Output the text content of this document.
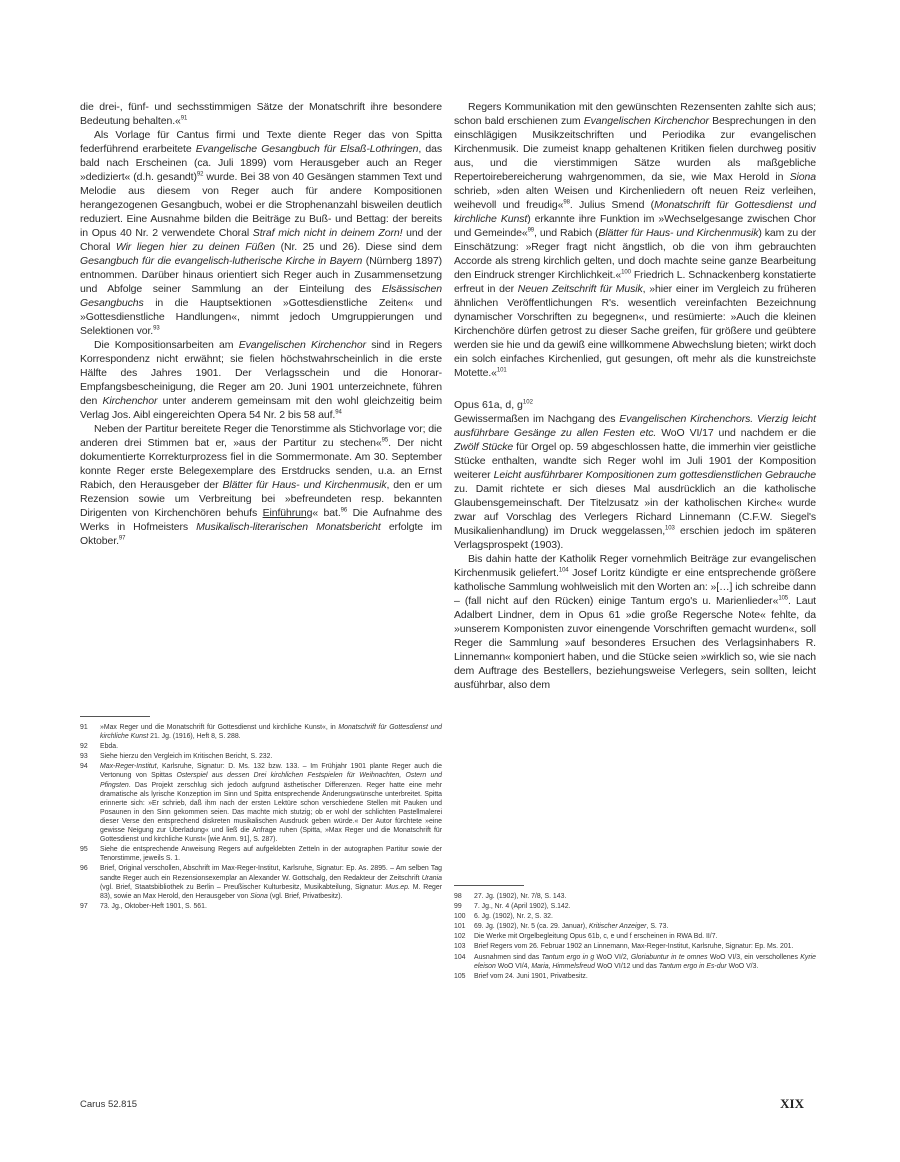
die drei-, fünf- und sechsstimmigen Sätze der Monatschrift ihre besondere Bedeutung behalten.«$^{91}$

Als Vorlage für Cantus firmi und Texte diente Reger das von Spitta federführend erarbeitete Evangelische Gesangbuch für Elsaß-Lothringen, das bald nach Erscheinen (ca. Juli 1899) vom Herausgeber auch an Reger »dediziert« (d.h. gesandt)$^{92}$ wurde. Bei 38 von 40 Gesängen stammen Text und Melodie aus diesem von Reger auch für andere Kompositionen herangezogenen Gesangbuch, wobei er die Strophenanzahl bisweilen deutlich reduziert. Eine Ausnahme bilden die Beiträge zu Buß- und Bettag: der bereits in Opus 40 Nr. 2 verwendete Choral Straf mich nicht in deinem Zorn! und der Choral Wir liegen hier zu deinen Füßen (Nr. 25 und 26). Diese sind dem Gesangbuch für die evangelisch-lutherische Kirche in Bayern (Nürnberg 1897) entnommen. Darüber hinaus orientiert sich Reger auch in Zusammensetzung und Abfolge seiner Sammlung an der Einteilung des Elsässischen Gesangbuchs in die Hauptsektionen »Gottesdienstliche Zeiten« und »Gottesdienstliche Handlungen«, nimmt jedoch Umgruppierungen und Selektionen vor.$^{93}$

Die Kompositionsarbeiten am Evangelischen Kirchenchor sind in Regers Korrespondenz nicht erwähnt; sie fielen höchstwahrscheinlich in die erste Hälfte des Jahres 1901. Der Verlagsschein und die Honorar-Empfangsbescheinigung, die Reger am 20. Juni 1901 unterzeichnete, führen den Kirchenchor unter anderem gemeinsam mit den wohl gleichzeitig beim Verlag Jos. Aibl eingereichten Opera 54 Nr. 2 bis 58 auf.$^{94}$

Neben der Partitur bereitete Reger die Tenorstimme als Stichvorlage vor; die anderen drei Stimmen bat er, »aus der Partitur zu stechen«$^{95}$. Der nicht dokumentierte Korrekturprozess fiel in die Sommermonate. Am 30. September konnte Reger erste Belegexemplare des Erstdrucks senden, u.a. an Ernst Rabich, den Herausgeber der Blätter für Haus- und Kirchenmusik, den er um Rezension sowie um Verbreitung bei »befreundeten resp. bekannten Dirigenten von Kirchenchören behufs Einführung« bat.$^{96}$ Die Aufnahme des Werks in Hofmeisters Musikalisch-literarischen Monatsbericht erfolgte im Oktober.$^{97}$

Regers Kommunikation mit den gewünschten Rezensenten zahlte sich aus; schon bald erschienen zum Evangelischen Kirchenchor Besprechungen in den einschlägigen Musikzeitschriften und Periodika zur evangelischen Kirchenmusik. Die zumeist knapp gehaltenen Kritiken fielen durchweg positiv aus, und die vierstimmigen Sätze wurden als maßgebliche Repertoirebereicherung wahrgenommen, da sie, wie Max Herold in Siona schrieb, »den alten Weisen und Kirchenliedern oft neuen Reiz verleihen, weihevoll und freudig«$^{98}$. Julius Smend (Monatschrift für Gottesdienst und kirchliche Kunst) erkannte ihre Funktion im »Wechselgesange zwischen Chor und Gemeinde«$^{99}$, und Rabich (Blätter für Haus- und Kirchenmusik) kam zu der Einschätzung: »Reger fragt nicht ängstlich, ob die von ihm gebrauchten Accorde als streng kirchlich gelten, und doch machte seine ganze Bearbeitung den Eindruck strenger Kirchlichkeit.«$^{100}$ Friedrich L. Schnackenberg konstatierte erfreut in der Neuen Zeitschrift für Musik, »hier einer im Vergleich zu früheren ähnlichen Veröffentlichungen R's. wesentlich vereinfachten Bezeichnung dynamischer Vorschriften zu begegnen«, und resümierte: »Auch die kleinen Kirchenchöre dürfen getrost zu dieser Sache greifen, für größere und geübtere werden sie hie und da gewiß eine willkommene Abwechslung bieten; wirkt doch ein solch einfaches Kirchenlied, gut gesungen, oft mehr als die kunstreichste Motette.«$^{101}$

Opus 61a, d, $g^{102}$

Gewissermaßen im Nachgang des Evangelischen Kirchenchors. Vierzig leicht ausführbare Gesänge zu allen Festen etc. WoO VI/17 und nachdem er die Zwölf Stücke für Orgel op. 59 abgeschlossen hatte, die immerhin vier geistliche Stücke enthalten, wandte sich Reger wohl im Juli 1901 der Komposition weiterer Leicht ausführbarer Kompositionen zum gottesdienstlichen Gebrauche zu. Damit richtete er sich dieses Mal ausdrücklich an die katholische Glaubensgemeinschaft. Der Titelzusatz »in der katholischen Kirche« wurde zwar auf Vorschlag des Verlegers Richard Linnemann (C.F.W. Siegel's Musikalienhandlung) im Druck weggelassen,$^{103}$ erschien jedoch im späteren Verlagsprospekt (1903).

Bis dahin hatte der Katholik Reger vornehmlich Beiträge zur evangelischen Kirchenmusik geliefert.$^{104}$ Josef Loritz kündigte er eine entsprechende größere katholische Sammlung wohlweislich mit den Worten an: »[…] ich schreibe dann – (fall nicht auf den Rücken) einige Tantum ergo's u. Marienlieder«$^{105}$. Laut Adalbert Lindner, dem in Opus 61 »die große Regersche Note« fehlte, da »unserem Komponisten zuvor einengende Vorschriften gemacht wurden«, soll Reger die Sammlung »auf besonderes Ersuchen des Verlagsinhabers R. Linnemann« komponiert haben, und die Stücke seien »wirklich so, wie sie nach dem Auftrage des Bestellers, beziehungsweise Verlegers, sein sollten, leicht ausführbar, also dem

91	»Max Reger und die Monatschrift für Gottesdienst und kirchliche Kunst«, in Monatschrift für Gottesdienst und kirchliche Kunst 21. Jg. (1916), Heft 8, S. 288.
92	Ebda.
93	Siehe hierzu den Vergleich im Kritischen Bericht, S. 232.
94	Max-Reger-Institut, Karlsruhe, Signatur: D. Ms. 132 bzw. 133. – Im Frühjahr 1901 plante Reger auch die Vertonung von Spittas Osterspiel aus dessen Drei kirchlichen Festspielen für Weihnachten, Ostern und Pfingsten. Das Projekt zerschlug sich jedoch aufgrund ästhetischer Differenzen. Reger hatte eine mehr dramatische als lyrische Konzeption im Sinn und Spitta entsprechende Änderungswünsche unterbreitet. Spitta erinnerte sich: »Er schrieb, daß ihm nach der ersten Lektüre schon verschiedene Stellen mit Pauken und Posaunen in den Sinn gekommen seien. Das machte mich stutzig; ob er wohl der schlichten Pastellmalerei dieser Verse den entsprechend diskreten musikalischen Ausdruck geben würde.« Der Autor fürchtete »eine gewisse Neigung zur Überladung« und ließ die Anfrage ruhen (Spitta, »Max Reger und die Monatschrift für Gottesdienst und kirchliche Kunst« [wie Anm. 91], S. 287).
95	Siehe die entsprechende Anweisung Regers auf aufgeklebten Zetteln in der autographen Partitur sowie der Tenorstimme, jeweils S. 1.
96	Brief, Original verschollen, Abschrift im Max-Reger-Institut, Karlsruhe, Signatur: Ep. As. 2895. – Am selben Tag sandte Reger auch ein Rezensionsexemplar an Alexander W. Gottschalg, den Redakteur der Zeitschrift Urania (vgl. Brief, Staatsbibliothek zu Berlin – Preußischer Kulturbesitz, Musikabteilung, Signatur: Mus.ep. M. Reger 83), sowie an Max Herold, den Herausgeber von Siona (vgl. Brief, Privatbesitz).
97	73. Jg., Oktober-Heft 1901, S. 561.
98	27. Jg. (1902), Nr. 7/8, S. 143.
99	7. Jg., Nr. 4 (April 1902), S.142.
100	6. Jg. (1902), Nr. 2, S. 32.
101	69. Jg. (1902), Nr. 5 (ca. 29. Januar), Kritischer Anzeiger, S. 73.
102	Die Werke mit Orgelbegleitung Opus 61b, c, e und f erscheinen in RWA Bd. II/7.
103	Brief Regers vom 26. Februar 1902 an Linnemann, Max-Reger-Institut, Karlsruhe, Signatur: Ep. Ms. 201.
104	Ausnahmen sind das Tantum ergo in g WoO VI/2, Gloriabuntur in te omnes WoO VI/3, ein verschollenes Kyrie eleison WoO VI/4, Maria, Himmelsfreud WoO VI/12 und das Tantum ergo in Es-dur WoO V/3.
105	Brief vom 24. Juni 1901, Privatbesitz.
Carus 52.815	XIX
